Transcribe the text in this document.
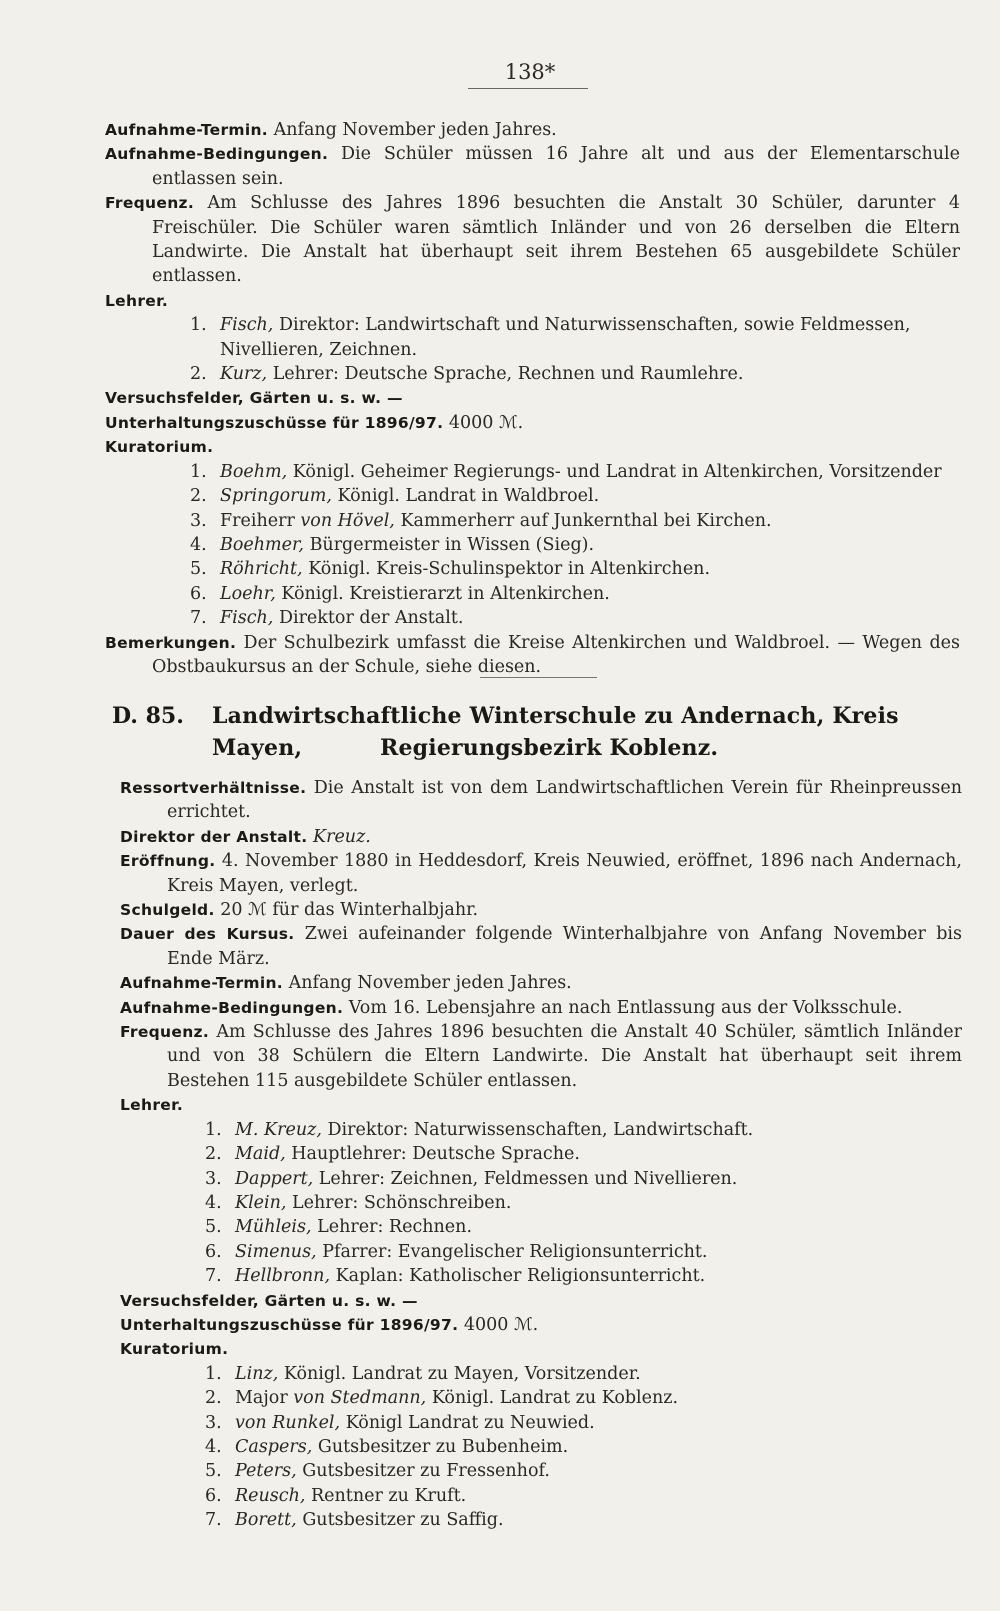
138*

Aufnahme-Termin. Anfang November jeden Jahres.

Aufnahme-Bedingungen. Die Schüler müssen 16 Jahre alt und aus der Elementarschule entlassen sein.

Frequenz. Am Schlusse des Jahres 1896 besuchten die Anstalt 30 Schüler, darunter 4 Freischüler. Die Schüler waren sämtlich Inländer und von 26 derselben die Eltern Landwirte. Die Anstalt hat überhaupt seit ihrem Bestehen 65 ausgebildete Schüler entlassen.

Lehrer.

1. Fisch, Direktor: Landwirtschaft und Naturwissenschaften, sowie Feldmessen, Nivellieren, Zeichnen.
2. Kurz, Lehrer: Deutsche Sprache, Rechnen und Raumlehre.

Versuchsfelder, Gärten u. s. w. —

Unterhaltungszuschüsse für 1896/97. 4000 ℳ.

Kuratorium.

1. Boehm, Königl. Geheimer Regierungs- und Landrat in Altenkirchen, Vorsitzender
2. Springorum, Königl. Landrat in Waldbroel.
3. Freiherr von Hövel, Kammerherr auf Junkernthal bei Kirchen.
4. Boehmer, Bürgermeister in Wissen (Sieg).
5. Röhricht, Königl. Kreis-Schulinspektor in Altenkirchen.
6. Loehr, Königl. Kreistierarzt in Altenkirchen.
7. Fisch, Direktor der Anstalt.

Bemerkungen. Der Schulbezirk umfasst die Kreise Altenkirchen und Waldbroel. — Wegen des Obstbaukursus an der Schule, siehe diesen.

D. 85. Landwirtschaftliche Winterschule zu Andernach, Kreis Mayen,	Regierungsbezirk Koblenz.

Ressortverhältnisse. Die Anstalt ist von dem Landwirtschaftlichen Verein für Rheinpreussen errichtet.

Direktor der Anstalt. Kreuz.

Eröffnung. 4. November 1880 in Heddesdorf, Kreis Neuwied, eröffnet, 1896 nach Andernach, Kreis Mayen, verlegt.

Schulgeld. 20 ℳ für das Winterhalbjahr.

Dauer des Kursus. Zwei aufeinander folgende Winterhalbjahre von Anfang November bis Ende März.

Aufnahme-Termin. Anfang November jeden Jahres.

Aufnahme-Bedingungen. Vom 16. Lebensjahre an nach Entlassung aus der Volksschule.

Frequenz. Am Schlusse des Jahres 1896 besuchten die Anstalt 40 Schüler, sämtlich Inländer und von 38 Schülern die Eltern Landwirte. Die Anstalt hat überhaupt seit ihrem Bestehen 115 ausgebildete Schüler entlassen.

Lehrer.

1. M. Kreuz, Direktor: Naturwissenschaften, Landwirtschaft.
2. Maid, Hauptlehrer: Deutsche Sprache.
3. Dappert, Lehrer: Zeichnen, Feldmessen und Nivellieren.
4. Klein, Lehrer: Schönschreiben.
5. Mühleis, Lehrer: Rechnen.
6. Simenus, Pfarrer: Evangelischer Religionsunterricht.
7. Hellbronn, Kaplan: Katholischer Religionsunterricht.

Versuchsfelder, Gärten u. s. w. —

Unterhaltungszuschüsse für 1896/97. 4000 ℳ.

Kuratorium.

1. Linz, Königl. Landrat zu Mayen, Vorsitzender.
2. Major von Stedmann, Königl. Landrat zu Koblenz.
3. von Runkel, Königl Landrat zu Neuwied.
4. Caspers, Gutsbesitzer zu Bubenheim.
5. Peters, Gutsbesitzer zu Fressenhof.
6. Reusch, Rentner zu Kruft.
7. Borett, Gutsbesitzer zu Saffig.
